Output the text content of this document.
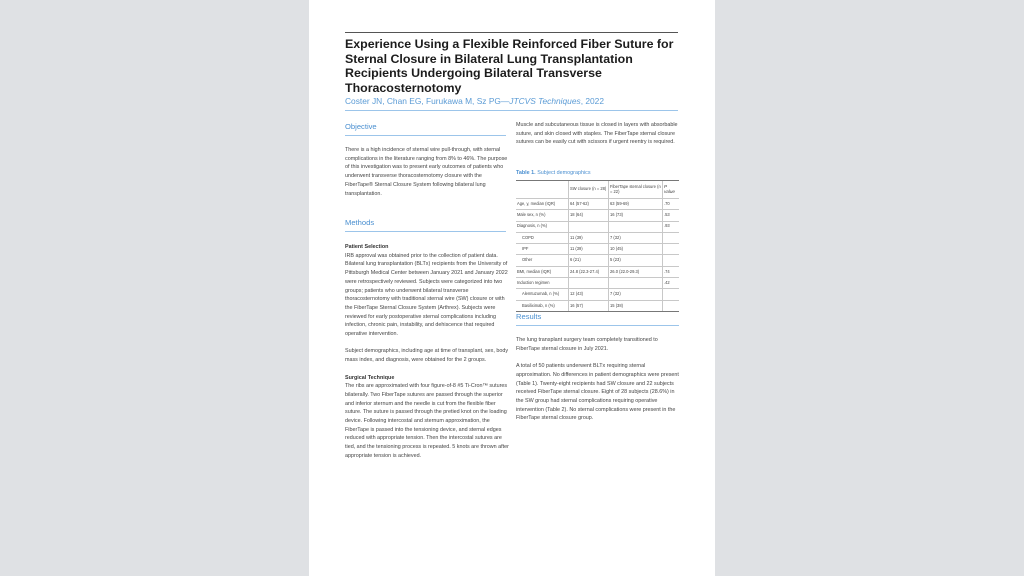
Experience Using a Flexible Reinforced Fiber Suture for Sternal Closure in Bilateral Lung Transplantation Recipients Undergoing Bilateral Transverse Thoracosternotomy
Coster JN, Chan EG, Furukawa M, Sz PG—JTCVS Techniques, 2022
Objective
There is a high incidence of sternal wire pull-through, with sternal complications in the literature ranging from 8% to 46%. The purpose of this investigation was to present early outcomes of patients who underwent transverse thoracosternotomy closure with the FiberTape® Sternal Closure System following bilateral lung transplantation.
Methods

Patient Selection

IRB approval was obtained prior to the collection of patient data. Bilateral lung transplantation (BLTx) recipients from the University of Pittsburgh Medical Center between January 2021 and January 2022 were retrospectively reviewed. Subjects were categorized into two groups; patients who underwent bilateral transverse thoracosternotomy with traditional sternal wire (SW) closure or with the FiberTape Sternal Closure System (Arthrex). Subjects were reviewed for early postoperative sternal complications including infection, chronic pain, instability, and dehiscence that required operative intervention.

Subject demographics, including age at time of transplant, sex, body mass index, and diagnosis, were obtained for the 2 groups.

Surgical Technique

The ribs are approximated with four figure-of-8 #5 Ti-Cron™ sutures bilaterally. Two FiberTape sutures are passed through the superior and inferior sternum and the needle is cut from the flexible fiber suture. The suture is passed through the pretied knot on the loading device. Following intercostal and sternum approximation, the FiberTape is passed into the tensioning device, and sternal edges reduced with appropriate tension. Then the intercostal sutures are tied, and the tensioning process is repeated. 5 knots are thrown after appropriate tension is achieved.

Muscle and subcutaneous tissue is closed in layers with absorbable suture, and skin closed with staples. The FiberTape sternal closure sutures can be easily cut with scissors if urgent reentry is required.
Table 1. Subject demographics
	SW closure (n = 28)	FiberTape sternal closure (n = 22)	P value
Age, y, median (IQR)	64 (57-62)	63 (59-69)	.70
Male sex, n (%)	18 (64)	16 (73)	.53
Diagnosis, n (%)			.93
COPD	11 (39)	7 (32)	
IPF	11 (39)	10 (45)	
Other	6 (21)	5 (23)	
BMI, median (IQR)	24.8 (22.3-27.4)	26.0 (22.0-29.3)	.74
Induction regimen			.42
Alemtuzumab, n (%)	12 (43)	7 (32)	
Basiliximab, n (%)	16 (57)	15 (38)	
Results

The lung transplant surgery team completely transitioned to FiberTape sternal closure in July 2021.

A total of 50 patients underwent BLTx requiring sternal approximation. No differences in patient demographics were present (Table 1). Twenty-eight recipients had SW closure and 22 subjects received FiberTape sternal closure. Eight of 28 subjects (28.6%) in the SW group had sternal complications requiring operative intervention (Table 2). No sternal complications were present in the FiberTape sternal closure group.
